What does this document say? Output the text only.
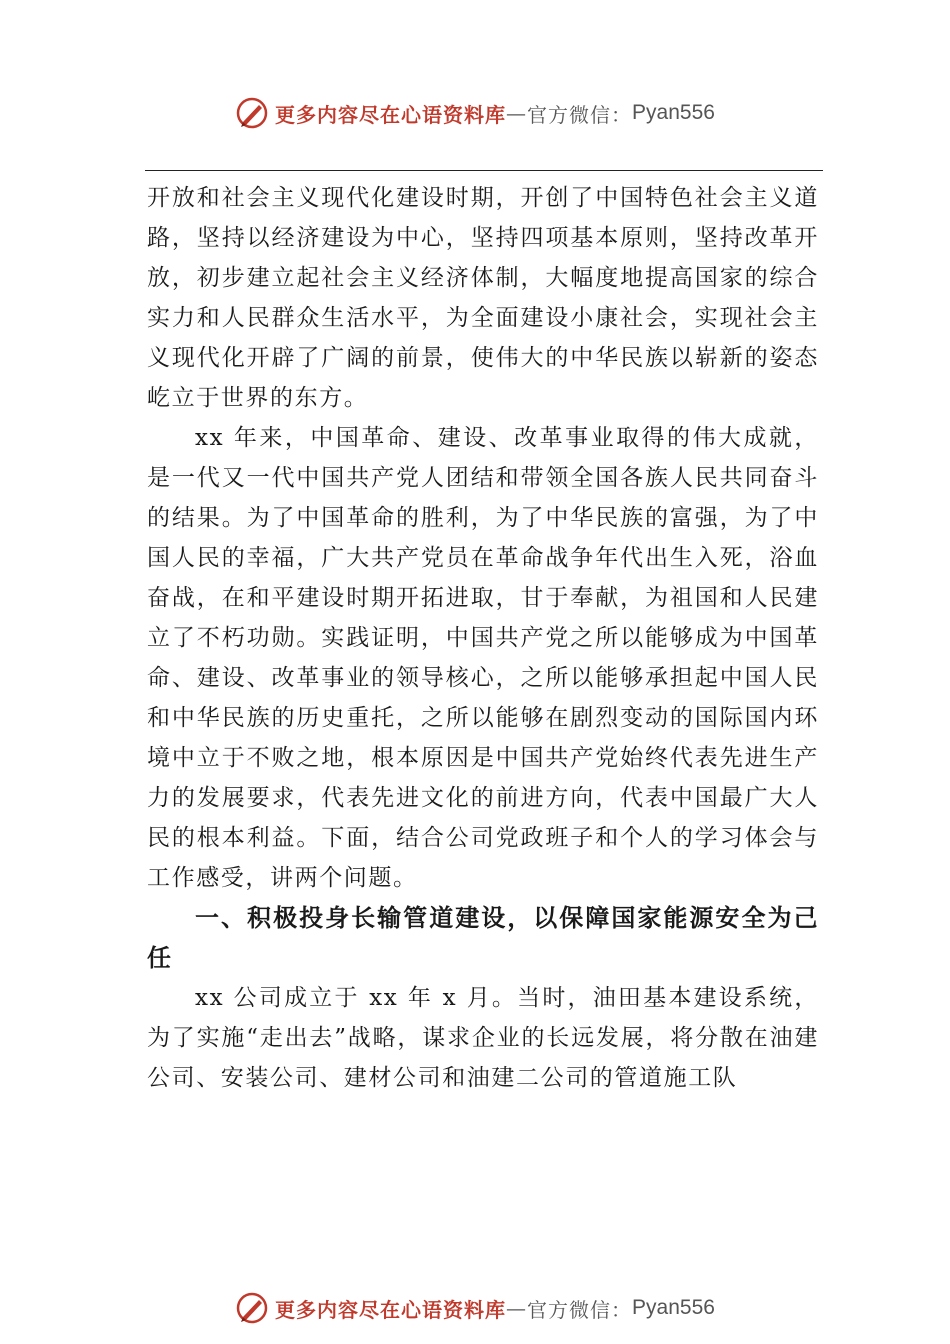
更多内容尽在心语资料库 — 官方微信： Pyan556

开放和社会主义现代化建设时期，开创了中国特色社会主义道路，坚持以经济建设为中心，坚持四项基本原则，坚持改革开放，初步建立起社会主义经济体制，大幅度地提高国家的综合实力和人民群众生活水平，为全面建设小康社会，实现社会主义现代化开辟了广阔的前景，使伟大的中华民族以崭新的姿态屹立于世界的东方。

xx 年来，中国革命、建设、改革事业取得的伟大成就，是一代又一代中国共产党人团结和带领全国各族人民共同奋斗的结果。为了中国革命的胜利，为了中华民族的富强，为了中国人民的幸福，广大共产党员在革命战争年代出生入死，浴血奋战，在和平建设时期开拓进取，甘于奉献，为祖国和人民建立了不朽功勋。实践证明，中国共产党之所以能够成为中国革命、建设、改革事业的领导核心，之所以能够承担起中国人民和中华民族的历史重托，之所以能够在剧烈变动的国际国内环境中立于不败之地，根本原因是中国共产党始终代表先进生产力的发展要求，代表先进文化的前进方向，代表中国最广大人民的根本利益。下面，结合公司党政班子和个人的学习体会与工作感受，讲两个问题。

一、积极投身长输管道建设，以保障国家能源安全为己任

xx 公司成立于 xx 年 x 月。当时，油田基本建设系统，为了实施“走出去”战略，谋求企业的长远发展，将分散在油建公司、安装公司、建材公司和油建二公司的管道施工队

更多内容尽在心语资料库 — 官方微信： Pyan556
